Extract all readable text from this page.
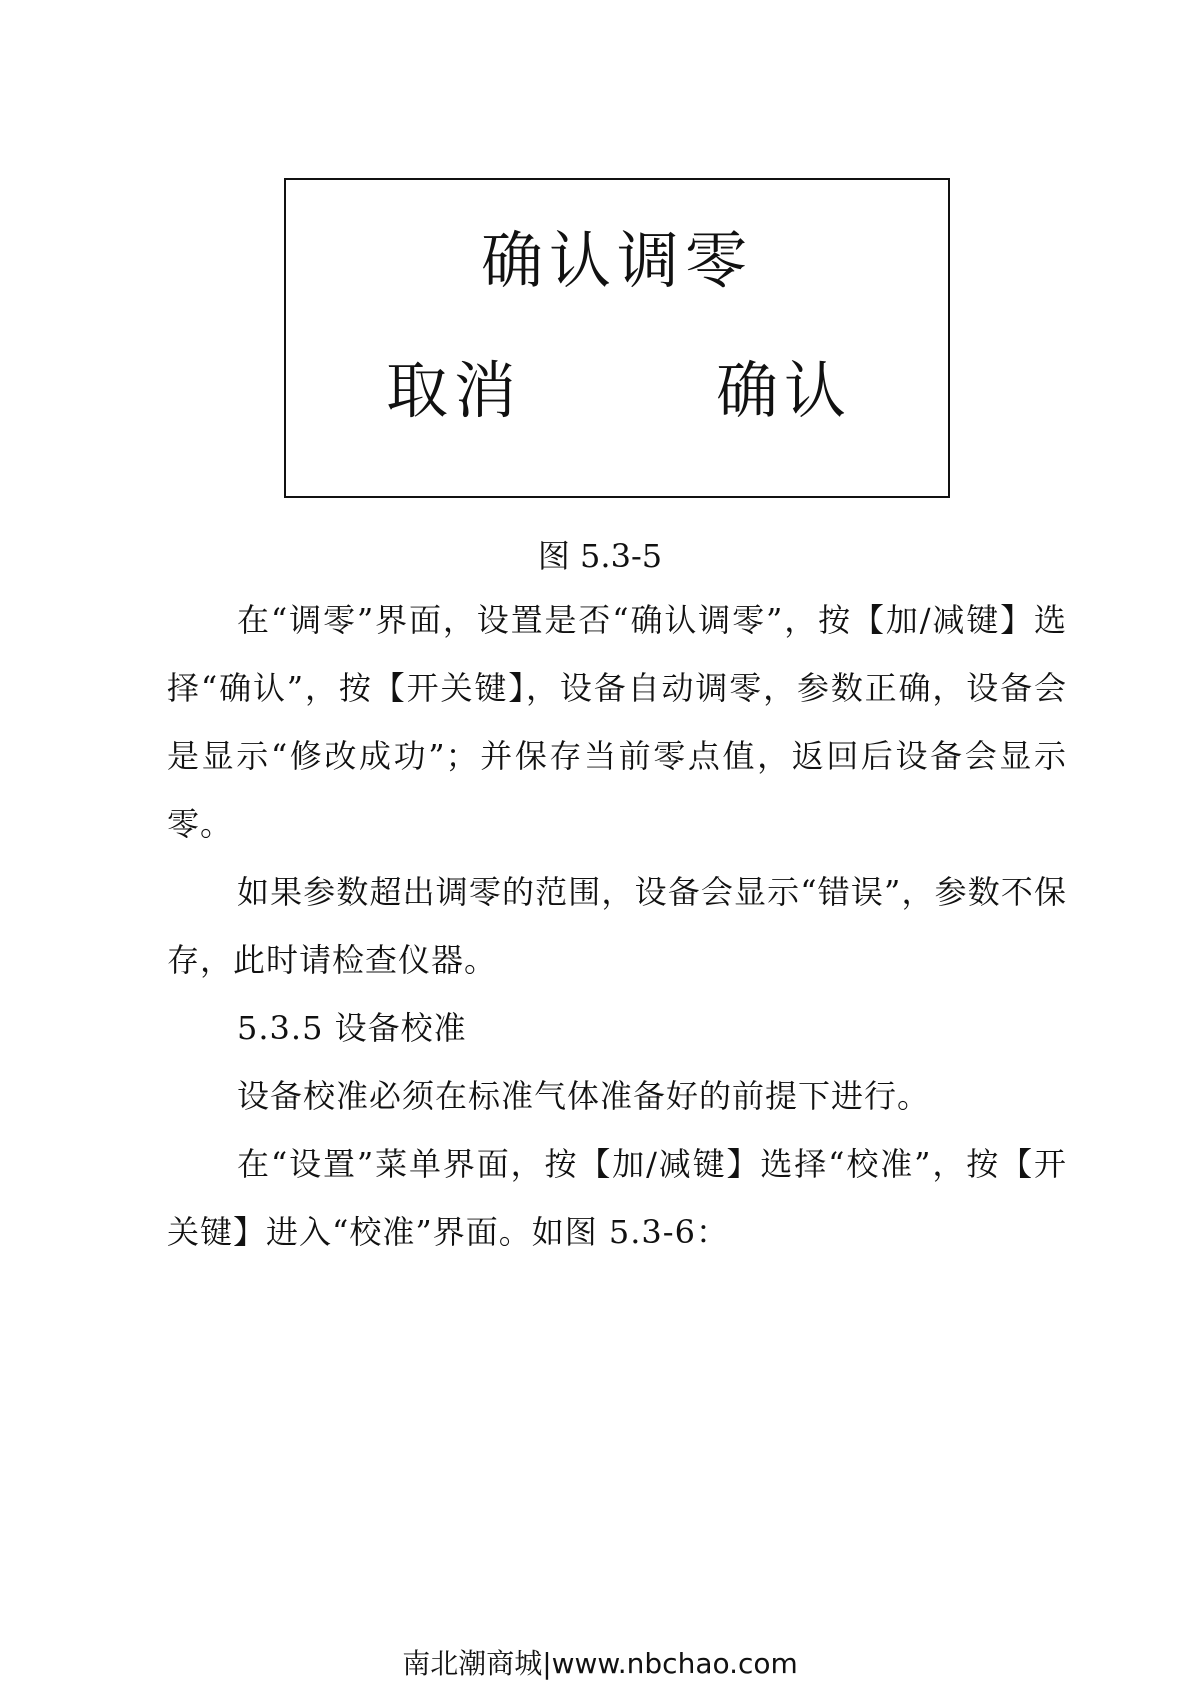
确认调零
取消	确认
图 5.3-5

在“调零”界面，设置是否“确认调零”，按【加/减键】选择“确认”，按【开关键】，设备自动调零，参数正确，设备会是显示“修改成功”；并保存当前零点值，返回后设备会显示零。

如果参数超出调零的范围，设备会显示“错误”，参数不保存，此时请检查仪器。

5.3.5 设备校准

设备校准必须在标准气体准备好的前提下进行。

在“设置”菜单界面，按【加/减键】选择“校准”，按【开关键】进入“校准”界面。如图 5.3-6：

南北潮商城|www.nbchao.com
